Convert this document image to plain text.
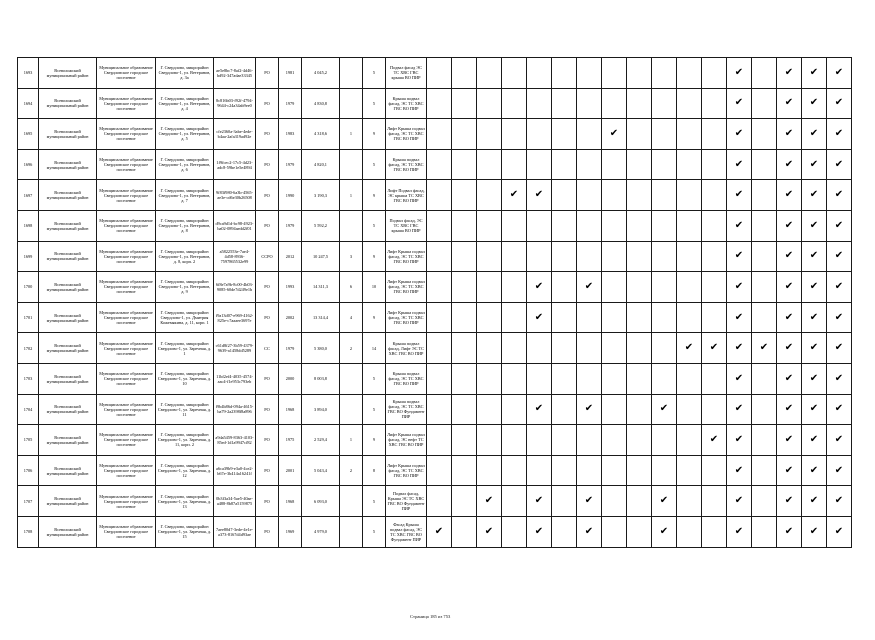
1693	Всеволожский муниципальный район	Муниципальное образование Свердловское городское поселение	Г. Свердлово, микрорайон Свердлово-1, ул. Ветеранов, д. 3а	ae5e8bc7-8af2-4d46-bd92-347adae33345	РО	1981	4 045,2		5	Подвал фасад ЭС ТС ХВС ГВС крыша ВО ПИР													✔		✔	✔	✔
1694	Всеволожский муниципальный район	Муниципальное образование Свердловское городское поселение	Г. Свердлово, микрорайон Свердлово-1, ул. Ветеранов, д. 4	8c816b03-f92f-4794-9644-c24a34ab9ee0	РО	1979	4 830,8		5	Крыша подвал фасад, ЭС ТС ХВС ГВС ВО ПИР													✔		✔	✔	✔
1695	Всеволожский муниципальный район	Муниципальное образование Свердловское городское поселение	Г. Свердлово, микрорайон Свердлово-1, ул. Ветеранов, д. 5	cfe2360a-3abe-4ede-b4aa-2afa319ad92e	РО	1983	4 318,6	1	9	Лифт Крыша подвал фасад, ЭС ТС ХВС ГВС ВО ПИР								✔					✔		✔	✔	✔
1696	Всеволожский муниципальный район	Муниципальное образование Свердловское городское поселение	Г. Свердлово, микрорайон Свердлово-1, ул. Ветеранов, д. 6	1f9fcec2-17c5-4d23-adc8-59be1e5e4894	РО	1979	4 820,1		5	Крыша подвал фасад, ЭС ТС ХВС ГВС ВО ПИР													✔		✔	✔	✔
1697	Всеволожский муниципальный район	Муниципальное образование Свердловское городское поселение	Г. Свердлово, микрорайон Свердлово-1, ул. Ветеранов, д. 7	9f83f980-6a3b-4565-ae3e-cd6e30b26508	РО	1990	3 190,3	1	9	Лифт Подвал фасад, ЭС крыша ТС ХВС ГВС ВО ПИР				✔	✔								✔		✔	✔	✔
1698	Всеволожский муниципальный район	Муниципальное образование Свердловское городское поселение	Г. Свердлово, микрорайон Свердлово-1, ул. Ветеранов, д. 8	d9ca9d1d-bc98-4923-ba02-0894aedd2f01	РО	1979	5 592,2		5	Подвал фасад, ЭС ТС ХВС ГВС крыша ВО ПИР													✔		✔	✔	✔
1699	Всеволожский муниципальный район	Муниципальное образование Свердловское городское поселение	Г. Свердлово, микрорайон Свердлово-1, ул. Ветеранов, д. 8, корп. 2	a5822553e-7ae4-4d58-8936-7597865532e99	ССРО	2012	10 247,5	3	9	Лифт Крыша подвал фасад, ЭС ТС ХВС ГВС ВО ПИР													✔		✔	✔	✔
1700	Всеволожский муниципальный район	Муниципальное образование Свердловское городское поселение	Г. Свердлово, микрорайон Свердлово-1, ул. Ветеранов, д. 9	6f8e7a9b-8c00-4b03-9085-60de7d249e1b	РО	1993	14 311,3	6	10	Лифт Крыша подвал фасад, ЭС ТС ХВС ГВС ВО ПИР					✔		✔						✔		✔	✔	✔
1701	Всеволожский муниципальный район	Муниципальное образование Свердловское городское поселение	Г. Свердлово, микрорайон Свердлово-1, ул. Дмитрия Кожемякина, д. 11, корп. 1	f9a13d07-e969-4162-825e-c7aaaee3697e	РО	2002	13 314,4	4	9	Лифт Крыша подвал фасад, ЭС ТС ХВС ГВС ВО ПИР					✔								✔		✔	✔	✔
1702	Всеволожский муниципальный район	Муниципальное образование Свердловское городское поселение	Г. Свердлово, микрорайон Свердлово-1, ул. Заречная, д. 1	c61d8f27-3b59-4379-9639-a1458dd5289	СС	1979	5 380,0	2	14	Крыша подвал фасад, Лифт ЭС ТС ХВС ГВС ВО ПИР											✔	✔	✔	✔	✔	✔	✔
1703	Всеволожский муниципальный район	Муниципальное образование Свердловское городское поселение	Г. Свердлово, микрорайон Свердлово-1, ул. Заречная, д. 10	11bf2ef4-4035-4574-aac4-f1e953c793eb	РО	2000	8 003,8		5	Крыша подвал фасад, ЭС ТС ХВС ГВС ВО ПИР													✔		✔	✔	✔
1704	Всеволожский муниципальный район	Муниципальное образование Свердловское городское поселение	Г. Свердлово, микрорайон Свердлово-1, ул. Заречная, д. 11	f9b4b86d-094a-4615-ba79-2a2398f8a896	РО	1968	3 894,0		5	Крыша подвал фасад, ЭС ТС ХВС ГВС ВО Фундамент ПИР					✔		✔			✔			✔		✔	✔	✔
1705	Всеволожский муниципальный район	Муниципальное образование Свердловское городское поселение	Г. Свердлово, микрорайон Свердлово-1, ул. Заречная, д. 11, корп. 2	a9da5459-8363-4103-85ed-1d1a9947cf82	РО	1975	2 529,4	1	9	Лифт Крыша подвал фасад, ЭС нефт ТС ХВС ГВС ВО ПИР												✔	✔		✔	✔	✔
1706	Всеволожский муниципальный район	Муниципальное образование Свердловское городское поселение	Г. Свердлово, микрорайон Свердлово-1, ул. Заречная, д. 12	a6ca39b9-e3a0-4ce2-b67e-3b414a16241f	РО	2001	5 043,4	2	8	Лифт Крыша подвал фасад, ЭС ТС ХВС ГВС ВО ПИР													✔		✔	✔	✔
1707	Всеволожский муниципальный район	Муниципальное образование Свердловское городское поселение	Г. Свердлово, микрорайон Свердлово-1, ул. Заречная, д. 13	0b3f3a34-5ae5-40ae-a488-8b87a5159875	РО	1968	6 093,0		5	Подвал фасад, Крыша ЭС ТС ХВС ГВС ВО Фундамент ПИР			✔		✔		✔			✔			✔		✔	✔	✔
1708	Всеволожский муниципальный район	Муниципальное образование Свердловское городское поселение	Г. Свердлово, микрорайон Свердлово-1, ул. Заречная, д. 15	7aee80d7-3ede-4e1e-a373-8167d4d93ae	РО	1969	4 979,0		5	Фасад Крыша подвал фасад, ЭС ТС ХВС ГВС ВО Фундамент ПИР	✔		✔		✔		✔			✔			✔		✔	✔	✔
Страница 185 из 753
